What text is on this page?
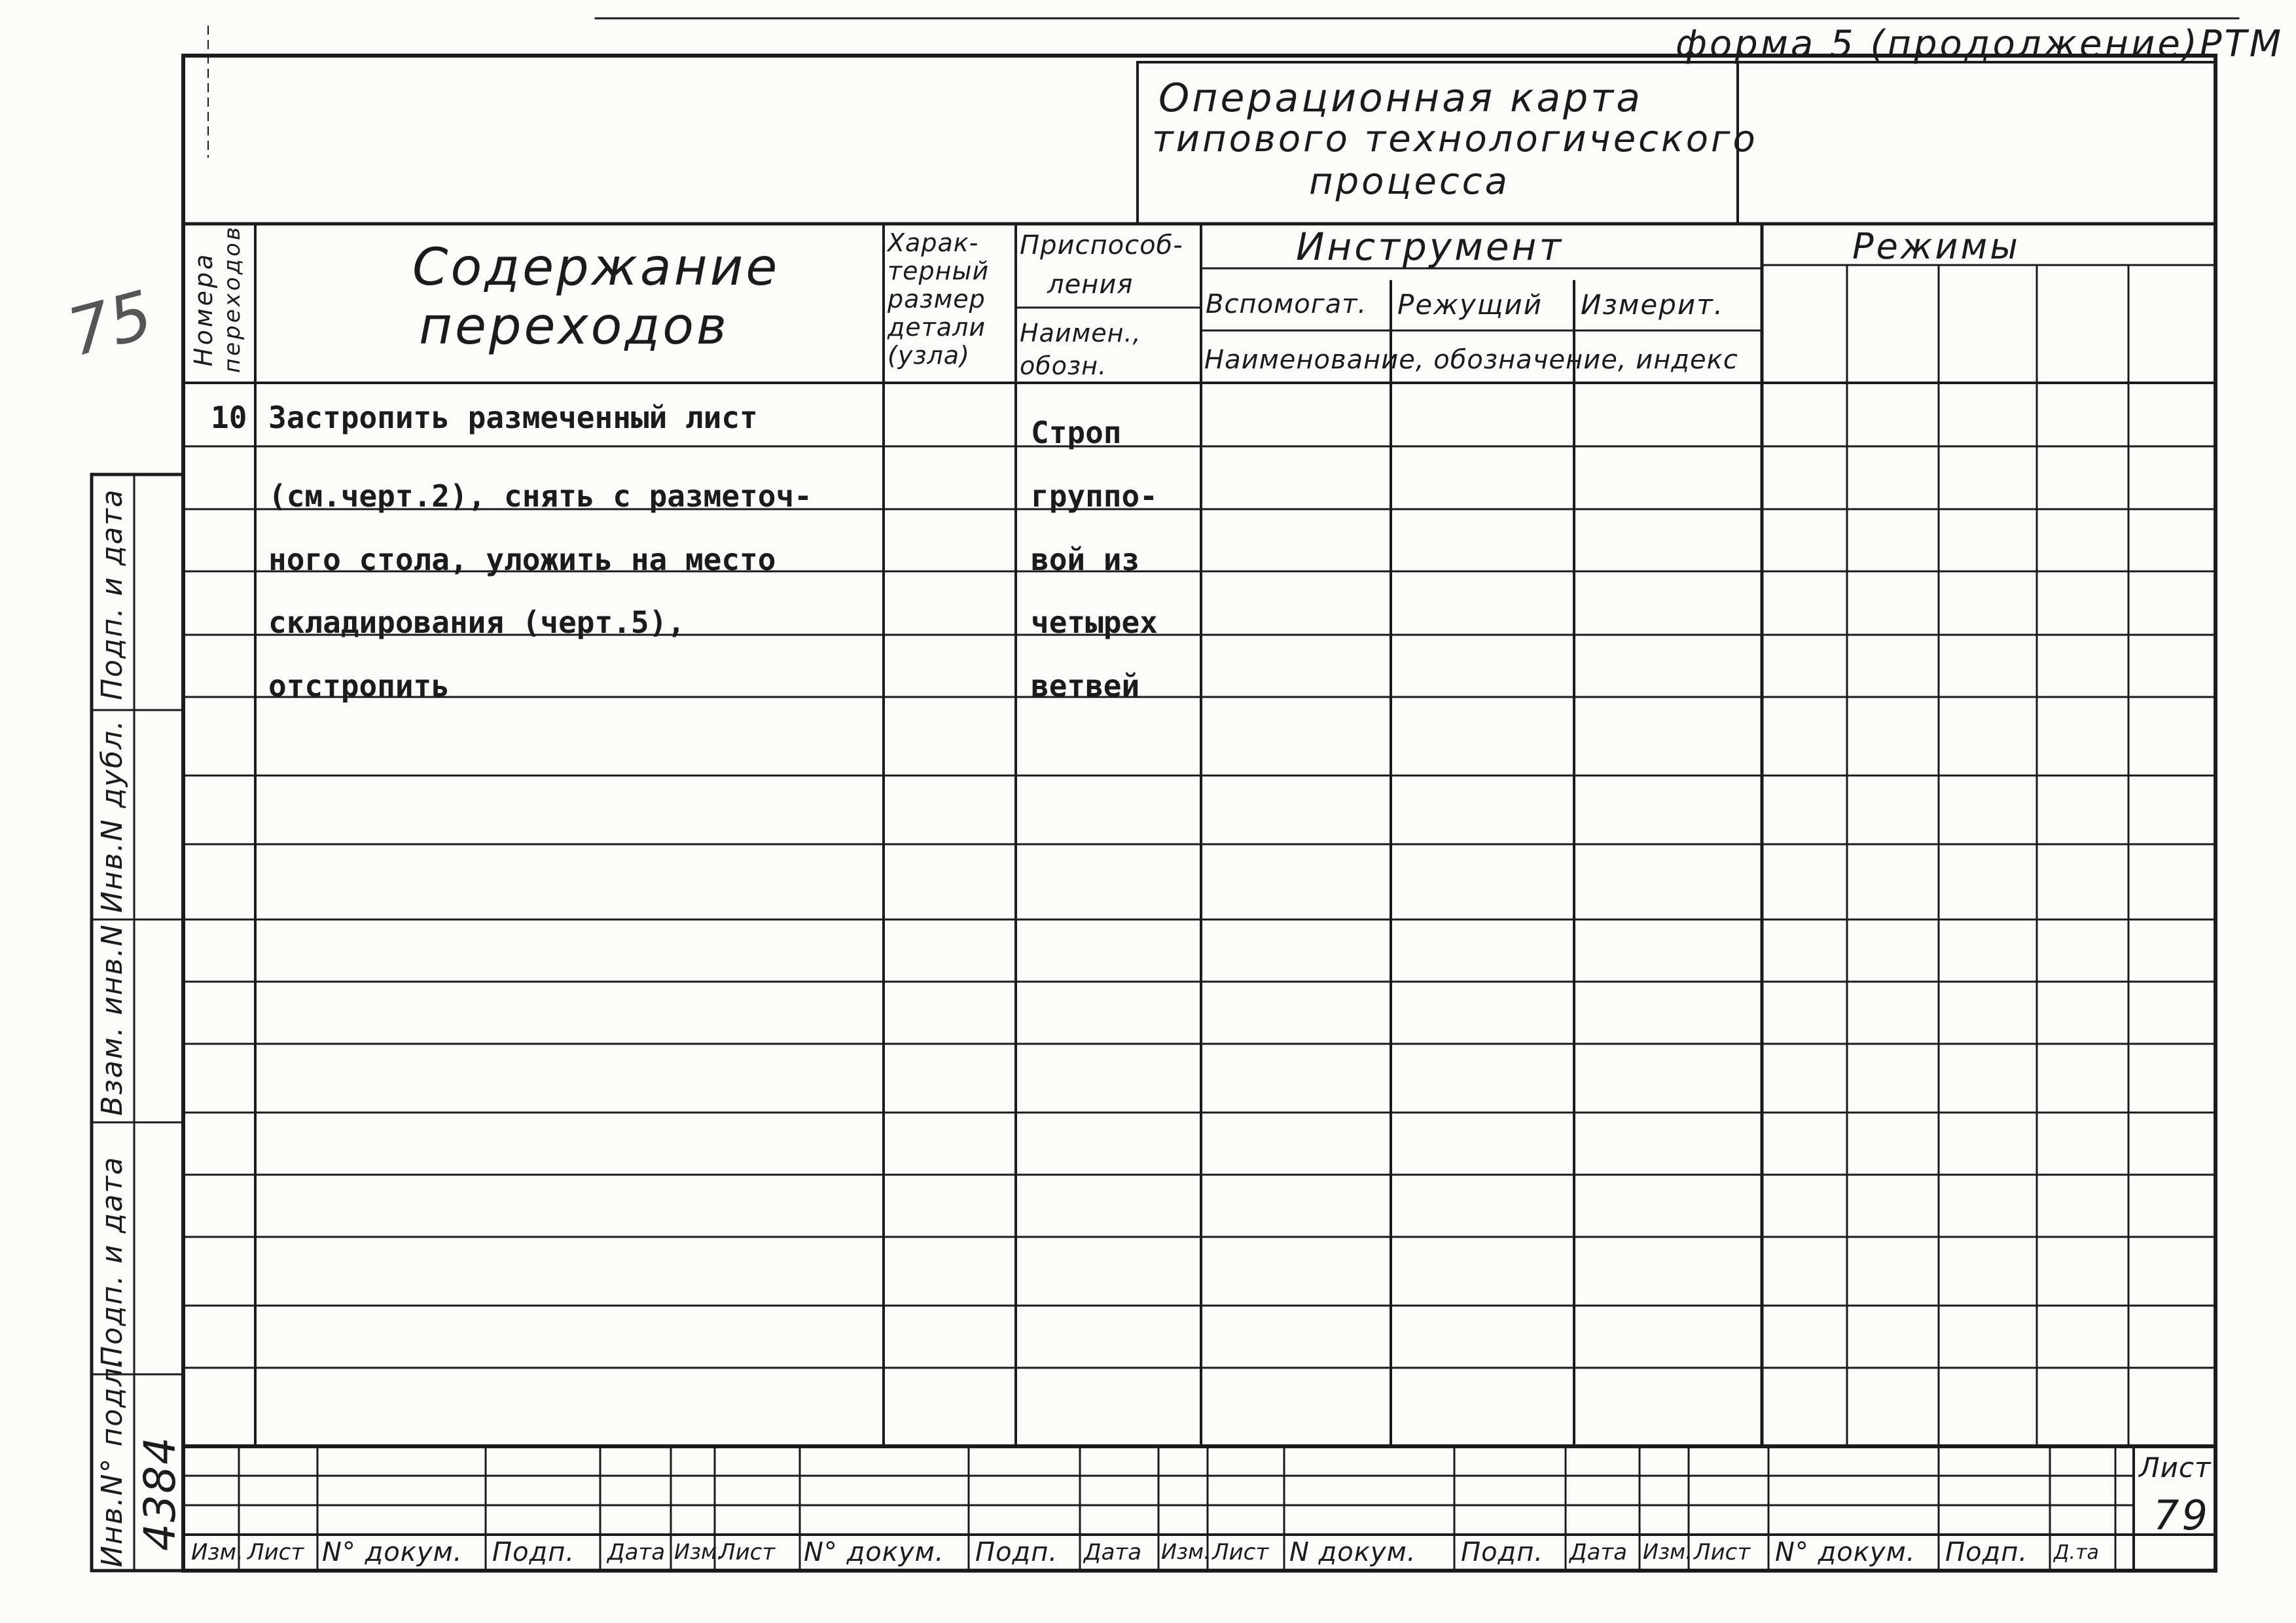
форма 5 (продолжение)РТМ
Операционная карта
типового технологического
процесса
Номера переходов	Содержание
переходов
Харак-
терный
размер
детали
(узла)
Приспособ-
ления
Наимен.,
обозн.
Инструмент
Вспомогат. Режущий Измерит.
Наименование, обозначение, индекс
Режимы
10 Застропить размеченный лист	Строп
(см.черт.2), снять с разметоч-	группо-
ного стола, уложить на место	вой из
складирования (черт.5),	четырех
отстропить	ветвей
Подп. и дата
Инв.N дубл.
Взам. инв.N
Подп. и дата
Инв.N° подл. 4384
75
Изм. Лист N° докум. Подп. Дата Изм.
Лист N° докум. Подп. Дата Изм. Лист N докум. Подп. Дата Изм. Лист N° докум. Подп. Д.та
Лист
79
